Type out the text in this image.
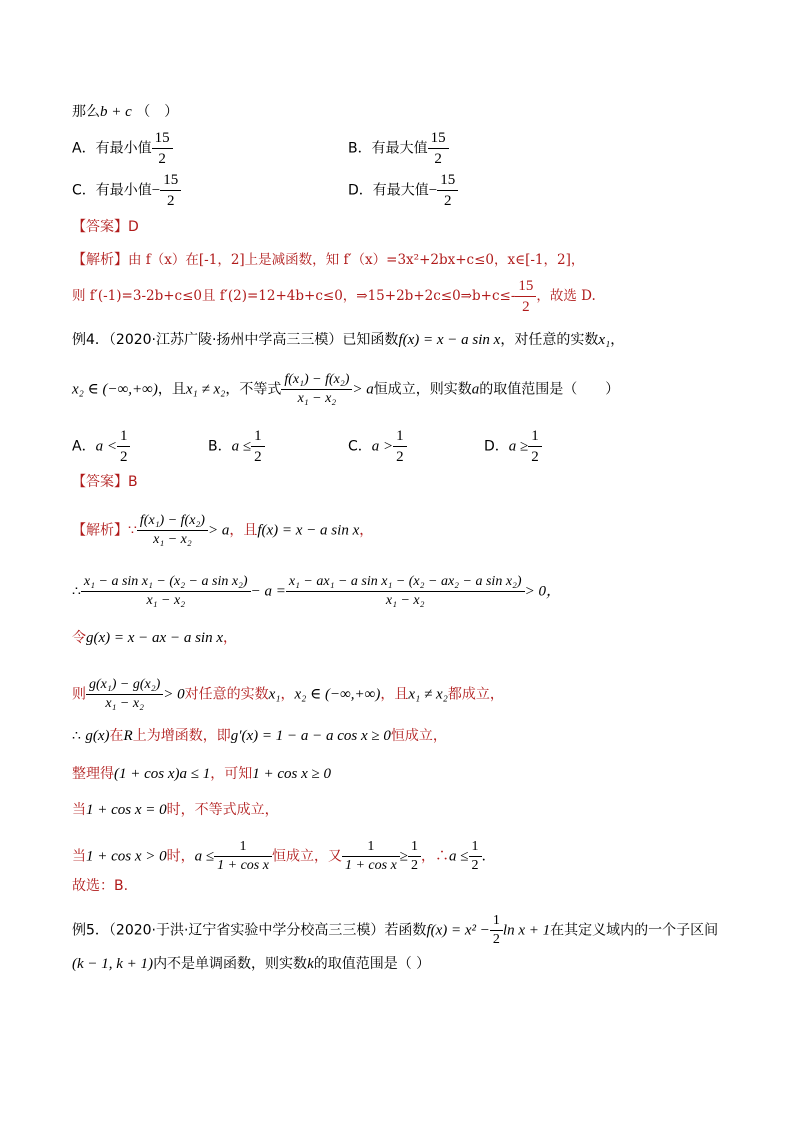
那么b + c （　）
A．有最小值 $\frac{15}{2}$	B．有最大值 $\frac{15}{2}$
C．有最小值− $\frac{15}{2}$	D．有最大值− $\frac{15}{2}$
【答案】D
【解析】由 f（x）在[-1，2]上是减函数，知 f′（x）=3x²+2bx+c≤0，x∈[-1，2]，
则 f′(-1)=3-2b+c≤0且 f′(2)=12+4b+c≤0，⇒15+2b+2c≤0⇒b+c≤- $\frac{15}{2}$ ，故选 D.
例4．（2020·江苏广陵·扬州中学高三三模）已知函数f(x) = x − a sin x，对任意的实数x₁，
x₂ ∈ (−∞,+∞)，且x₁ ≠ x₂，不等式 $\frac{\text{f(x₁) − f(x₂)}}{\text{x₁ − x₂}} > a$恒成立，则实数a的取值范围是（　　）
A．$a < \frac{1}{2}$	B．$a \le \frac{1}{2}$	C．$a > \frac{1}{2}$	D．$a \ge \frac{1}{2}$
【答案】B
【解析】∵ $\frac{\text{f(x₁) − f(x₂)}}{\text{x₁ − x₂}} > a$，且f(x) = x − a sin x，
∴ $\frac{\text{x₁ − a sin x₁ − (x₂ − a sin x₂)}}{\text{x₁ − x₂}} - a = \frac{\text{x₁ − ax₁ − a sin x₁ − (x₂ − ax₂ − a sin x₂)}}{\text{x₁ − x₂}} > 0$，
令g(x) = x − ax − a sin x，
则 $\frac{\text{g(x₁) − g(x₂)}}{\text{x₁ − x₂}} > 0$对任意的实数x₁，x₂ ∈ (−∞,+∞)，且x₁ ≠ x₂都成立，
∴ g(x)在R上为增函数，即g′(x) = 1 − a − a cos x ≥ 0恒成立，
整理得(1 + cos x)a ≤ 1，可知1 + cos x ≥ 0
当1 + cos x = 0时，不等式成立，
当1 + cos x > 0时，$a \le \frac{1}{\text{1 + cos x}}$ 恒成立，又 $\frac{1}{\text{1 + cos x}} \ge \frac{1}{2}$ ，∴a ≤ $\frac{1}{2}$ .
故选：B.
例5．（2020·于洪·辽宁省实验中学分校高三三模）若函数$f(x) = x^2 - \frac{1}{2}$ ln x + 1在其定义域内的一个子区间
(k − 1, k + 1)内不是单调函数，则实数k的取值范围是（ ）
